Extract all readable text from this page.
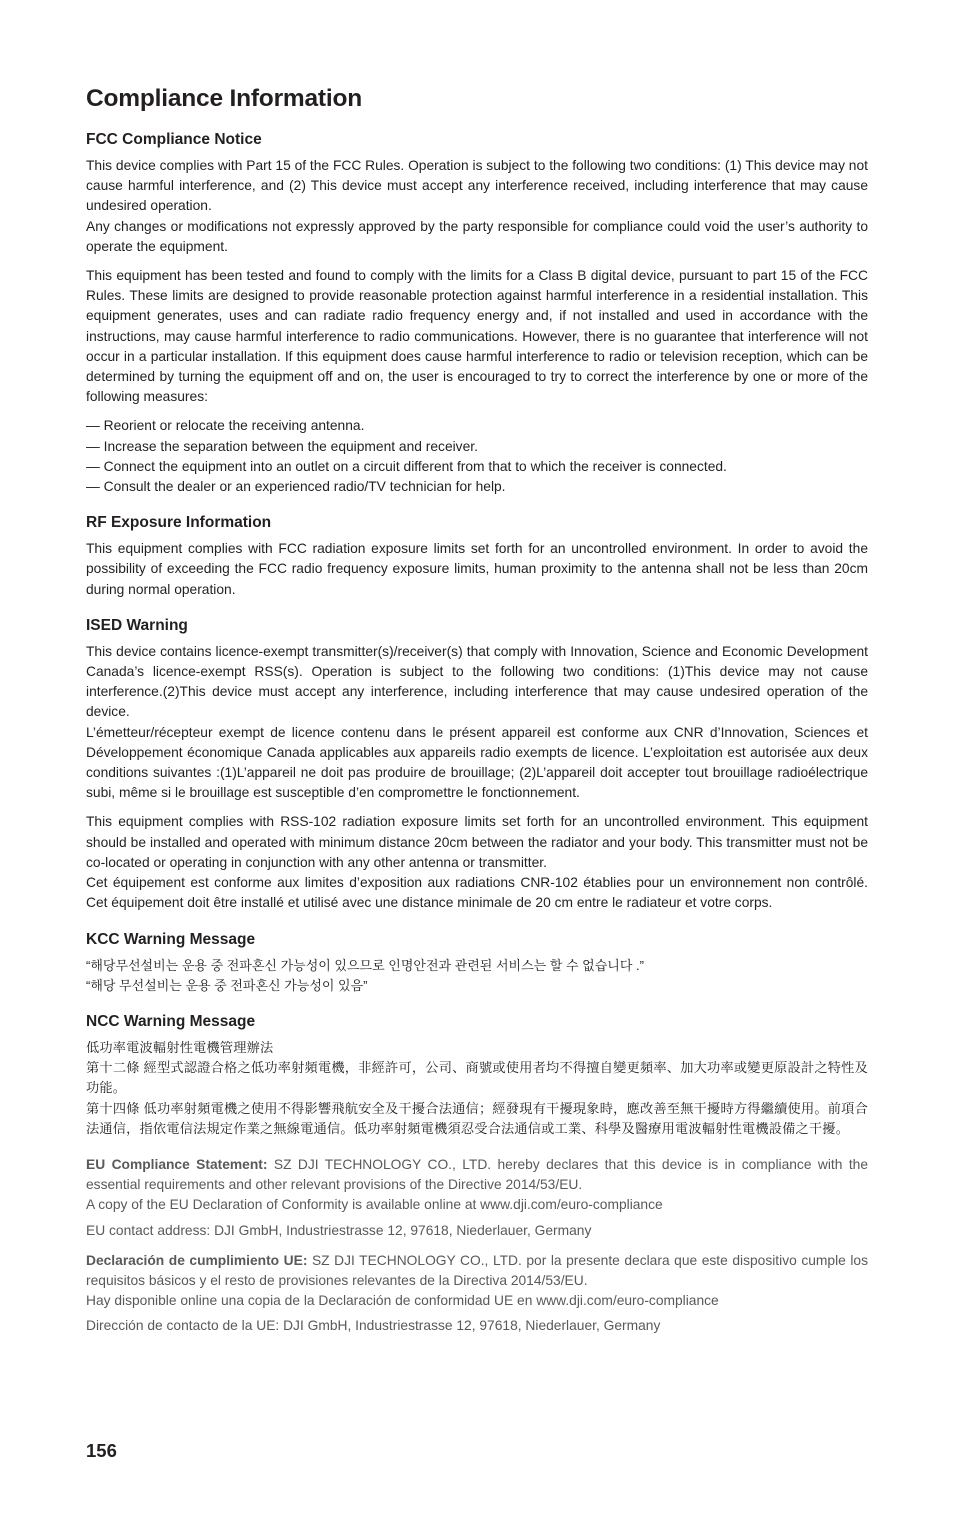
Compliance Information
FCC Compliance Notice

This device complies with Part 15 of the FCC Rules. Operation is subject to the following two conditions: (1) This device may not cause harmful interference, and (2) This device must accept any interference received, including interference that may cause undesired operation.

Any changes or modifications not expressly approved by the party responsible for compliance could void the user’s authority to operate the equipment.

This equipment has been tested and found to comply with the limits for a Class B digital device, pursuant to part 15 of the FCC Rules. These limits are designed to provide reasonable protection against harmful interference in a residential installation. This equipment generates, uses and can radiate radio frequency energy and, if not installed and used in accordance with the instructions, may cause harmful interference to radio communications. However, there is no guarantee that interference will not occur in a particular installation. If this equipment does cause harmful interference to radio or television reception, which can be determined by turning the equipment off and on, the user is encouraged to try to correct the interference by one or more of the following measures:

— Reorient or relocate the receiving antenna.

— Increase the separation between the equipment and receiver.

— Connect the equipment into an outlet on a circuit different from that to which the receiver is connected.

— Consult the dealer or an experienced radio/TV technician for help.

RF Exposure Information

This equipment complies with FCC radiation exposure limits set forth for an uncontrolled environment. In order to avoid the possibility of exceeding the FCC radio frequency exposure limits, human proximity to the antenna shall not be less than 20cm during normal operation.

ISED Warning

This device contains licence-exempt transmitter(s)/receiver(s) that comply with Innovation, Science and Economic Development Canada’s licence-exempt RSS(s). Operation is subject to the following two conditions: (1)This device may not cause interference.(2)This device must accept any interference, including interference that may cause undesired operation of the device.

L’émetteur/récepteur exempt de licence contenu dans le présent appareil est conforme aux CNR d’Innovation, Sciences et Développement économique Canada applicables aux appareils radio exempts de licence. L’exploitation est autorisée aux deux conditions suivantes :(1)L’appareil ne doit pas produire de brouillage; (2)L’appareil doit accepter tout brouillage radioélectrique subi, même si le brouillage est susceptible d’en compromettre le fonctionnement.

This equipment complies with RSS-102 radiation exposure limits set forth for an uncontrolled environment. This equipment should be installed and operated with minimum distance 20cm between the radiator and your body. This transmitter must not be co-located or operating in conjunction with any other antenna or transmitter.

Cet équipement est conforme aux limites d’exposition aux radiations CNR-102 établies pour un environnement non contrôlé. Cet équipement doit être installé et utilisé avec une distance minimale de 20 cm entre le radiateur et votre corps.

KCC Warning Message

“해당무선설비는 운용 중 전파혼신 가능성이 있으므로 인명안전과 관련된 서비스는 할 수 없습니다 .”

“해당 무선설비는 운용 중 전파혼신 가능성이 있음”

NCC Warning Message

低功率電波輻射性電機管理辦法

第十二條 經型式認證合格之低功率射頻電機，非經許可，公司、商號或使用者均不得擅自變更頻率、加大功率或變更原設計之特性及功能。

第十四條 低功率射頻電機之使用不得影響飛航安全及干擾合法通信；經發現有干擾現象時，應改善至無干擾時方得繼續使用。前項合法通信，指依電信法規定作業之無線電通信。低功率射頻電機須忍受合法通信或工業、科學及醫療用電波輻射性電機設備之干擾。

EU Compliance Statement: SZ DJI TECHNOLOGY CO., LTD. hereby declares that this device is in compliance with the essential requirements and other relevant provisions of the Directive 2014/53/EU.

A copy of the EU Declaration of Conformity is available online at www.dji.com/euro-compliance

EU contact address: DJI GmbH, Industriestrasse 12, 97618, Niederlauer, Germany

Declaración de cumplimiento UE: SZ DJI TECHNOLOGY CO., LTD. por la presente declara que este dispositivo cumple los requisitos básicos y el resto de provisiones relevantes de la Directiva 2014/53/EU.

Hay disponible online una copia de la Declaración de conformidad UE en www.dji.com/euro-compliance

Dirección de contacto de la UE: DJI GmbH, Industriestrasse 12, 97618, Niederlauer, Germany

156
